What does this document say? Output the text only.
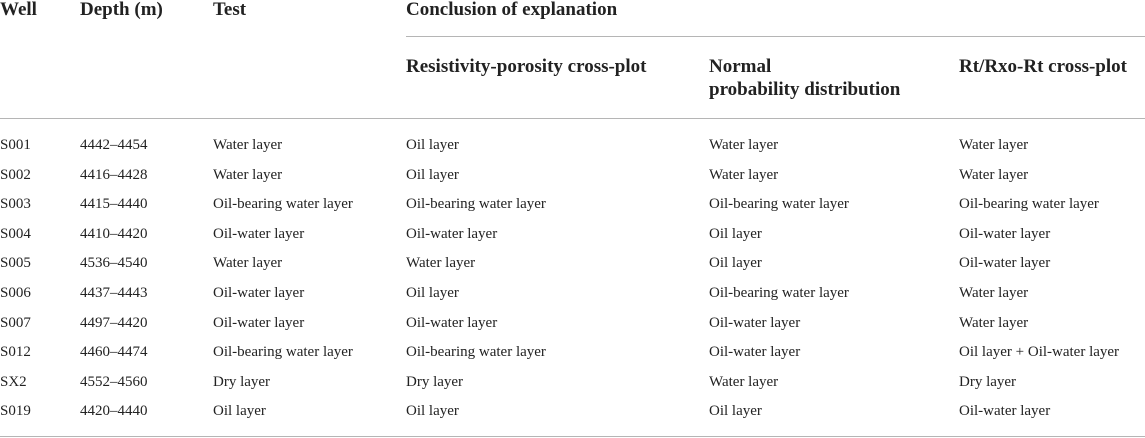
Well Depth (m)	Test	Conclusion of explanation
Resistivity-porosity cross-plot	Normal
probability distribution
Rt/Rxo-Rt cross-plot
S001	4442–4454	Water layer	Oil layer	Water layer	Water layer
S002	4416–4428	Water layer	Oil layer	Water layer	Water layer
S003	4415–4440	Oil-bearing water layer	Oil-bearing water layer	Oil-bearing water layer	Oil-bearing water layer
S004	4410–4420	Oil-water layer	Oil-water layer	Oil layer	Oil-water layer
S005	4536–4540	Water layer	Water layer	Oil layer	Oil-water layer
S006	4437–4443	Oil-water layer	Oil layer	Oil-bearing water layer	Water layer
S007	4497–4420	Oil-water layer	Oil-water layer	Oil-water layer	Water layer
S012	4460–4474	Oil-bearing water layer	Oil-bearing water layer	Oil-water layer	Oil layer + Oil-water layer
SX2	4552–4560	Dry layer	Dry layer	Water layer	Dry layer
S019	4420–4440	Oil layer	Oil layer	Oil layer	Oil-water layer
